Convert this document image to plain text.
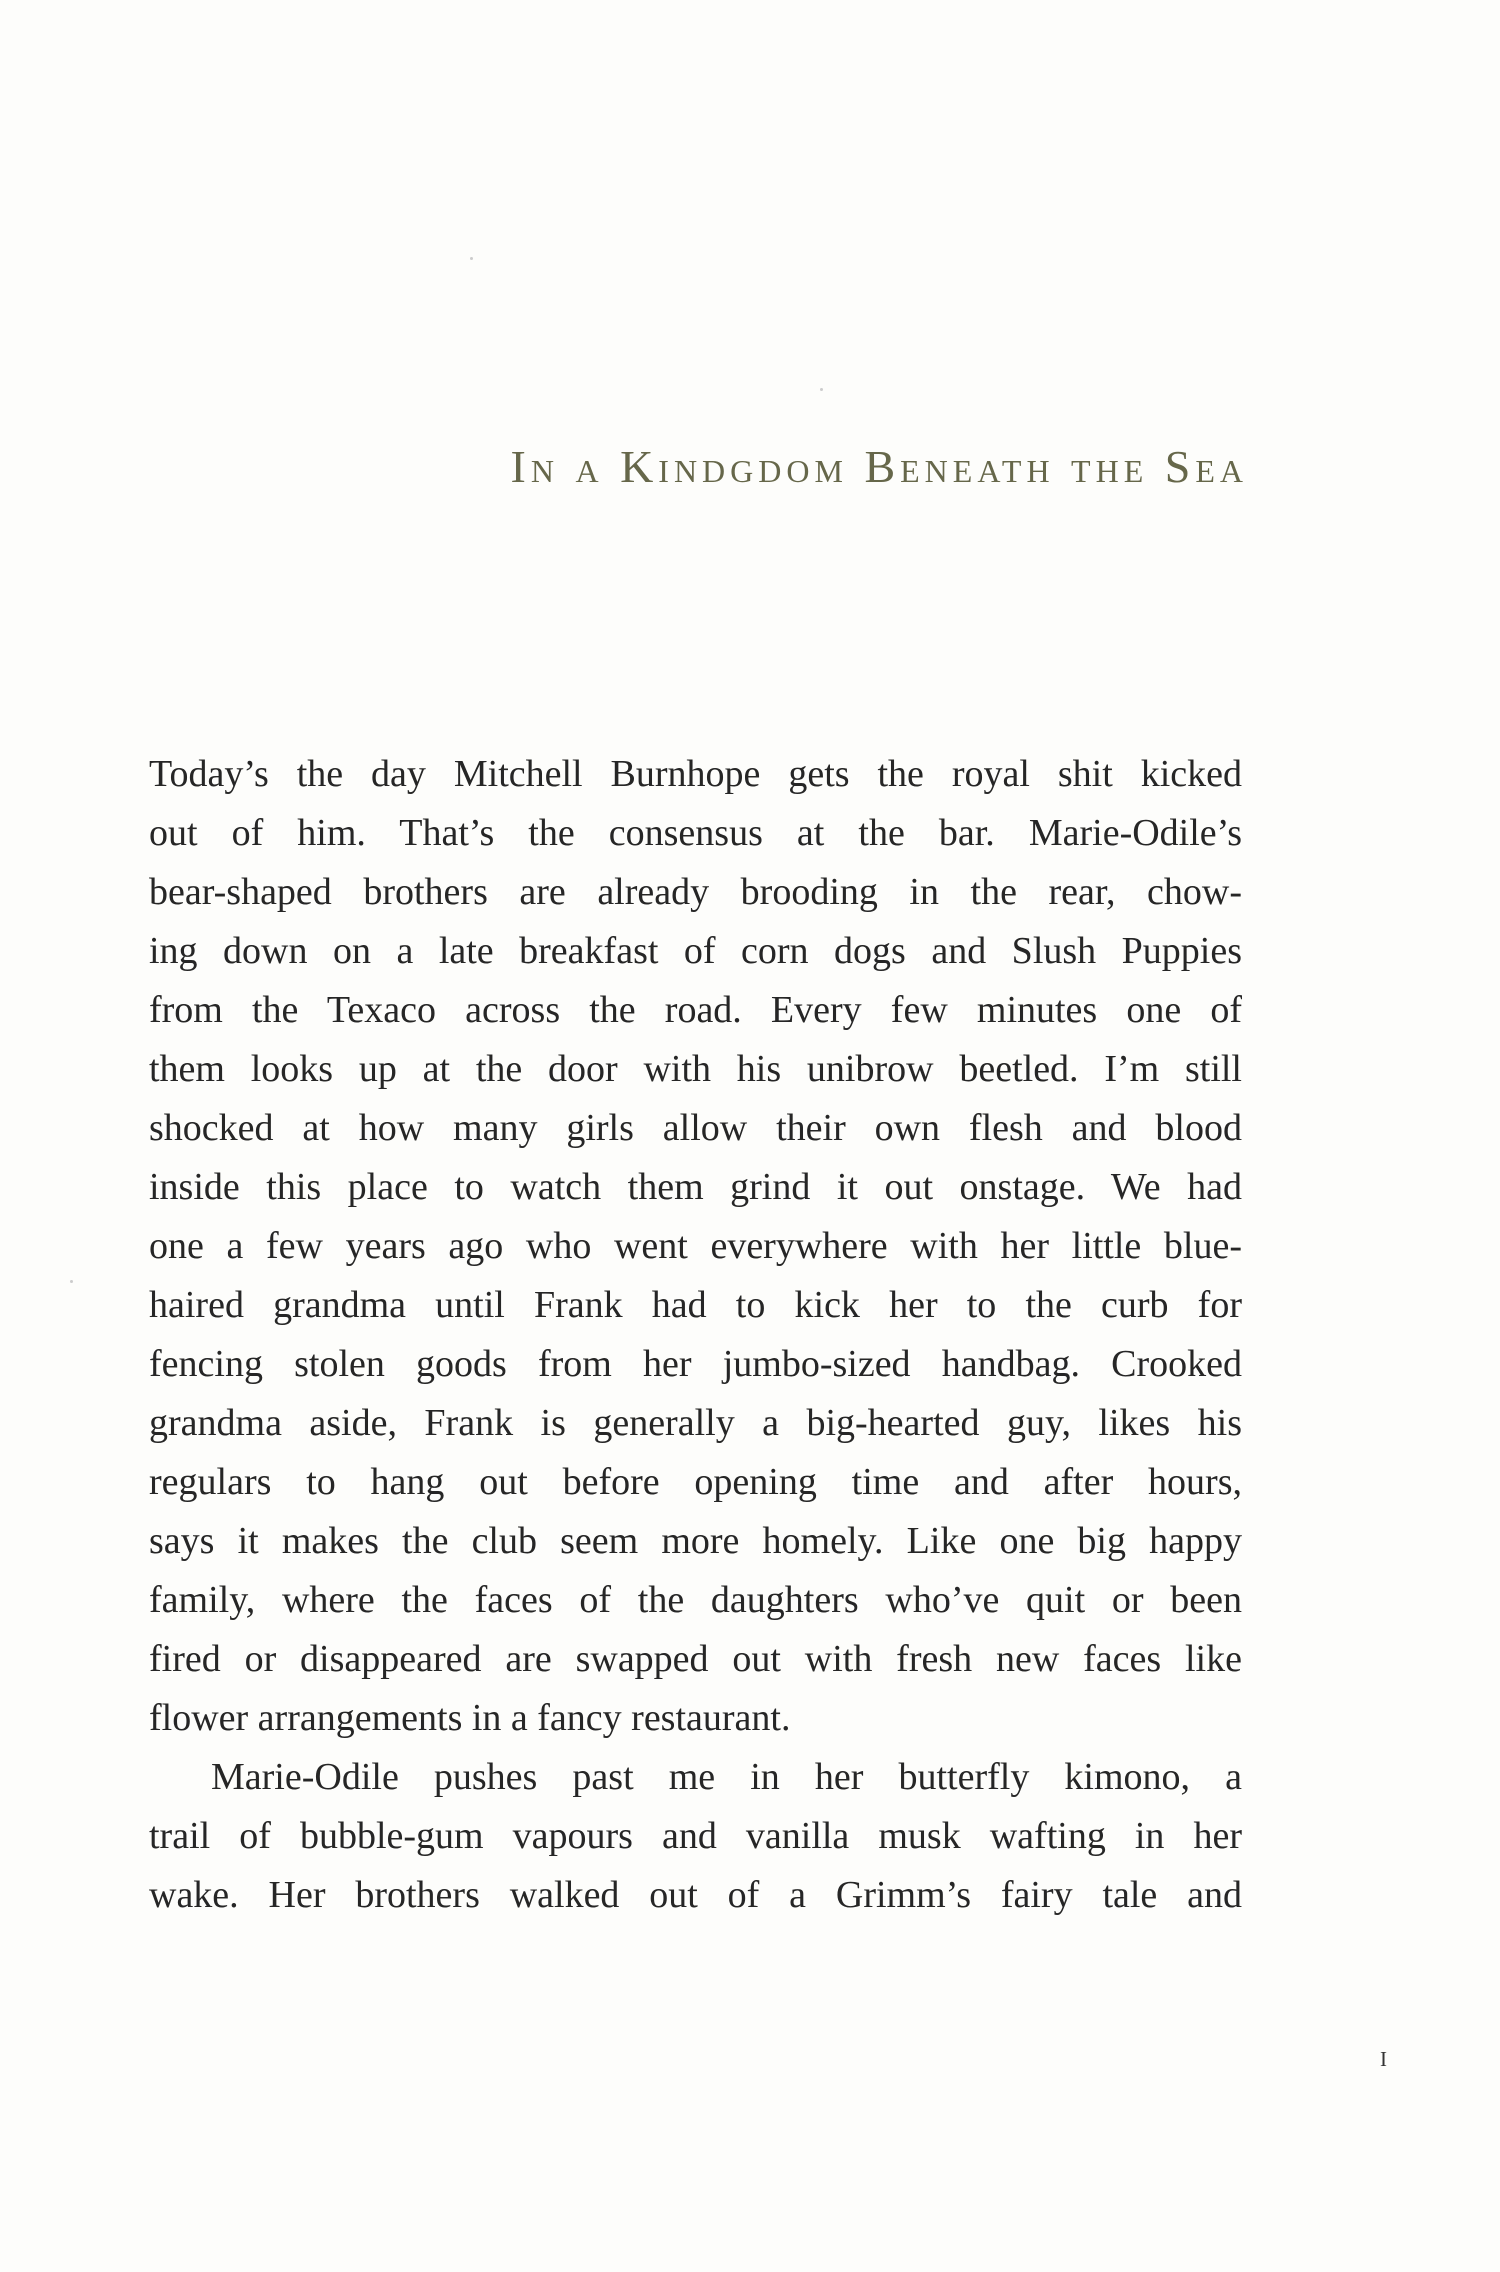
In a Kindgdom Beneath the Sea
Today’s the day Mitchell Burnhope gets the royal shit kicked
out of him. That’s the consensus at the bar. Marie-Odile’s
bear-shaped brothers are already brooding in the rear, chow-
ing down on a late breakfast of corn dogs and Slush Puppies
from the Texaco across the road. Every few minutes one of
them looks up at the door with his unibrow beetled. I’m still
shocked at how many girls allow their own flesh and blood
inside this place to watch them grind it out onstage. We had
one a few years ago who went everywhere with her little blue-
haired grandma until Frank had to kick her to the curb for
fencing stolen goods from her jumbo-sized handbag. Crooked
grandma aside, Frank is generally a big-hearted guy, likes his
regulars to hang out before opening time and after hours,
says it makes the club seem more homely. Like one big happy
family, where the faces of the daughters who’ve quit or been
fired or disappeared are swapped out with fresh new faces like
flower arrangements in a fancy restaurant.
Marie-Odile pushes past me in her butterfly kimono, a
trail of bubble-gum vapours and vanilla musk wafting in her
wake. Her brothers walked out of a Grimm’s fairy tale and
i
